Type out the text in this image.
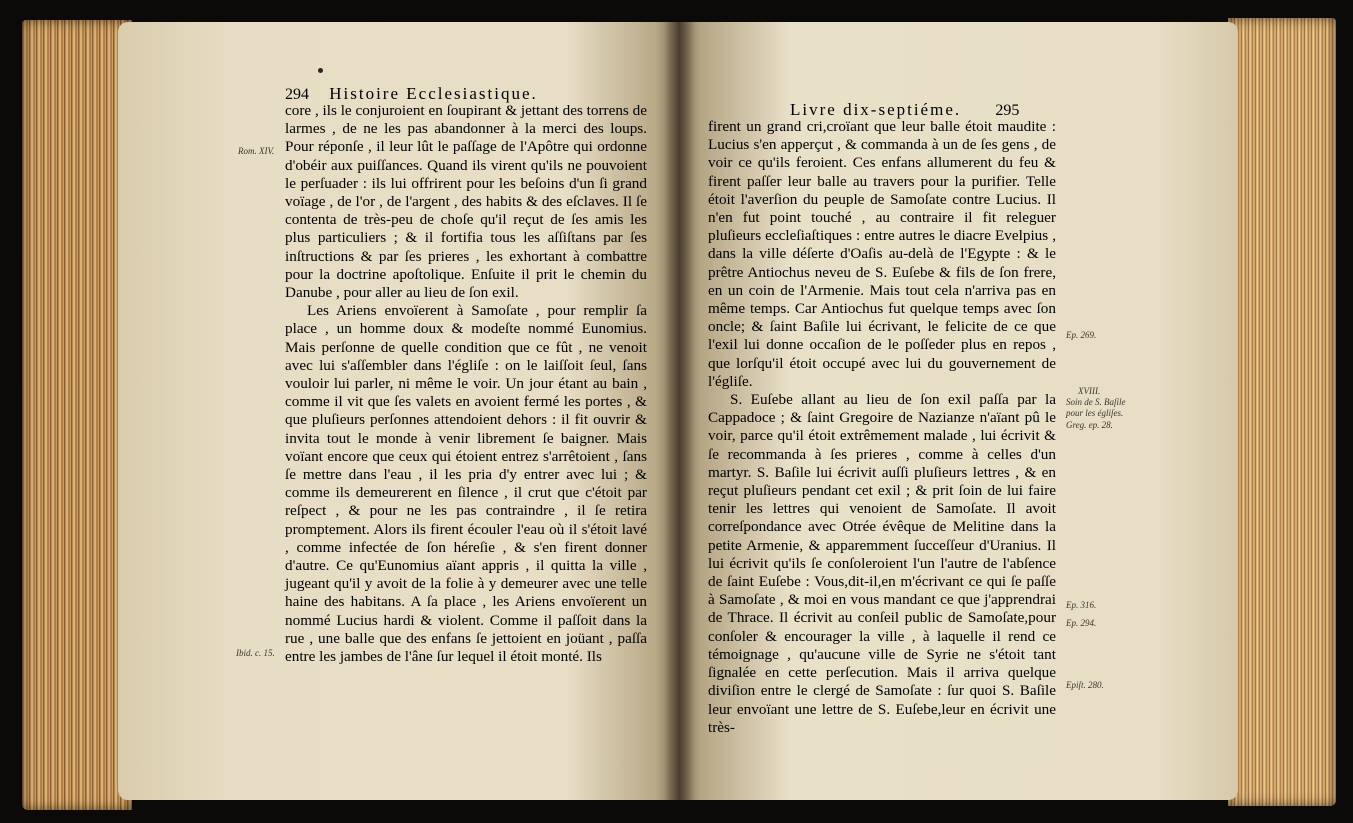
294 Histoire Ecclesiastique.

core , ils le conjuroient en ſoupirant & jettant des torrens de larmes , de ne les pas abandonner à la merci des loups. Pour réponſe , il leur lût le paſſage de l'Apôtre qui ordonne d'obéir aux puiſſances. Quand ils virent qu'ils ne pouvoient le perſuader : ils lui offrirent pour les beſoins d'un ſi grand voïage , de l'or , de l'argent , des habits & des eſclaves. Il ſe contenta de très-peu de choſe qu'il reçut de ſes amis les plus particuliers ; & il fortifia tous les aſſiſtans par ſes inſtructions & par ſes prieres , les exhortant à combattre pour la doctrine apoſtolique. Enſuite il prit le chemin du Danube , pour aller au lieu de ſon exil.

Les Ariens envoïerent à Samoſate , pour remplir ſa place , un homme doux & modeſte nommé Eunomius. Mais perſonne de quelle condition que ce fût , ne venoit avec lui s'aſſembler dans l'égliſe : on le laiſſoit ſeul, ſans vouloir lui parler, ni même le voir. Un jour étant au bain , comme il vit que ſes valets en avoient fermé les portes , & que pluſieurs perſonnes attendoient dehors : il fit ouvrir & invita tout le monde à venir librement ſe baigner. Mais voïant encore que ceux qui étoient entrez s'arrêtoient , ſans ſe mettre dans l'eau , il les pria d'y entrer avec lui ; & comme ils demeurerent en ſilence , il crut que c'étoit par reſpect , & pour ne les pas contraindre , il ſe retira promptement. Alors ils firent écouler l'eau où il s'étoit lavé , comme infectée de ſon héreſie , & s'en firent donner d'autre. Ce qu'Eunomius aïant appris , il quitta la ville , jugeant qu'il y avoit de la folie à y demeurer avec une telle haine des habitans. A ſa place , les Ariens envoïerent un nommé Lucius hardi & violent. Comme il paſſoit dans la rue , une balle que des enfans ſe jettoient en joüant , paſſa entre les jambes de l'âne ſur lequel il étoit monté. Ils

Rom. XIV.
Ibid. c. 15.
Livre dix-septiéme. 295

firent un grand cri,croïant que leur balle étoit maudite : Lucius s'en apperçut , & commanda à un de ſes gens , de voir ce qu'ils feroient. Ces enfans allumerent du feu & firent paſſer leur balle au travers pour la purifier. Telle étoit l'averſion du peuple de Samoſate contre Lucius. Il n'en fut point touché , au contraire il fit releguer pluſieurs eccleſiaſtiques : entre autres le diacre Evelpius , dans la ville déſerte d'Oaſis au-delà de l'Egypte : & le prêtre Antiochus neveu de S. Euſebe & fils de ſon frere, en un coin de l'Armenie. Mais tout cela n'arriva pas en même temps. Car Antiochus fut quelque temps avec ſon oncle; & ſaint Baſile lui écrivant, le felicite de ce que l'exil lui donne occaſion de le poſſeder plus en repos , que lorſqu'il étoit occupé avec lui du gouvernement de l'égliſe.

S. Euſebe allant au lieu de ſon exil paſſa par la Cappadoce ; & ſaint Gregoire de Nazianze n'aïant pû le voir, parce qu'il étoit extrêmement malade , lui écrivit & ſe recommanda à ſes prieres , comme à celles d'un martyr. S. Baſile lui écrivit auſſi pluſieurs lettres , & en reçut pluſieurs pendant cet exil ; & prit ſoin de lui faire tenir les lettres qui venoient de Samoſate. Il avoit correſpondance avec Otrée évêque de Melitine dans la petite Armenie, & apparemment ſucceſſeur d'Uranius. Il lui écrivit qu'ils ſe conſoleroient l'un l'autre de l'abſence de ſaint Euſebe : Vous,dit-il,en m'écrivant ce qui ſe paſſe à Samoſate , & moi en vous mandant ce que j'apprendrai de Thrace. Il écrivit au conſeil public de Samoſate,pour conſoler & encourager la ville , à laquelle il rend ce témoignage , qu'aucune ville de Syrie ne s'étoit tant ſignalée en cette perſecution. Mais il arriva quelque diviſion entre le clergé de Samoſate : ſur quoi S. Baſile leur envoïant une lettre de S. Euſebe,leur en écrivit une très-

Ep. 269.
XVIII.
Soin de S. Baſile pour les égliſes.
Greg. ep. 28.
Ep. 316.
Ep. 294.
Epiſt. 280.
